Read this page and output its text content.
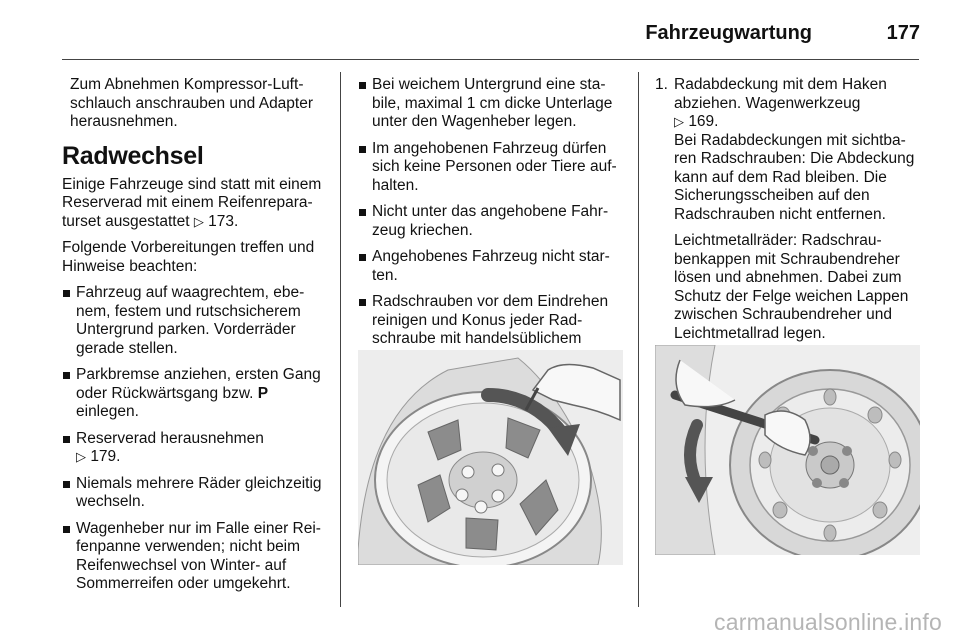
Fahrzeugwartung	177

Zum Abnehmen Kompressor-Luftschlauch anschrauben und Adapter herausnehmen.

Radwechsel

Einige Fahrzeuge sind statt mit einem Reserverad mit einem Reifenreparaturset ausgestattet ▷ 173.

Folgende Vorbereitungen treffen und Hinweise beachten:

Fahrzeug auf waagrechtem, ebenem, festem und rutschsicherem Untergrund parken. Vorderräder gerade stellen.
Parkbremse anziehen, ersten Gang oder Rückwärtsgang bzw. P einlegen.
Reserverad herausnehmen
▷ 179.
Niemals mehrere Räder gleichzeitig wechseln.
Wagenheber nur im Falle einer Reifenpanne verwenden; nicht beim Reifenwechsel von Winter- auf Sommerreifen oder umgekehrt.
Bei weichem Untergrund eine stabile, maximal 1 cm dicke Unterlage unter den Wagenheber legen.
Im angehobenen Fahrzeug dürfen sich keine Personen oder Tiere aufhalten.
Nicht unter das angehobene Fahrzeug kriechen.
Angehobenes Fahrzeug nicht starten.
Radschrauben vor dem Eindrehen reinigen und Konus jeder Radschraube mit handelsüblichem
1. Radabdeckung mit dem Haken abziehen. Wagenwerkzeug
▷ 169.

Bei Radabdeckungen mit sichtbaren Radschrauben: Die Abdeckung kann auf dem Rad bleiben. Die Sicherungsscheiben auf den Radschrauben nicht entfernen.

Leichtmetallräder: Radschraubenkappen mit Schraubendreher lösen und abnehmen. Dabei zum Schutz der Felge weichen Lappen zwischen Schraubendreher und Leichtmetallrad legen.

carmanualsonline.info
